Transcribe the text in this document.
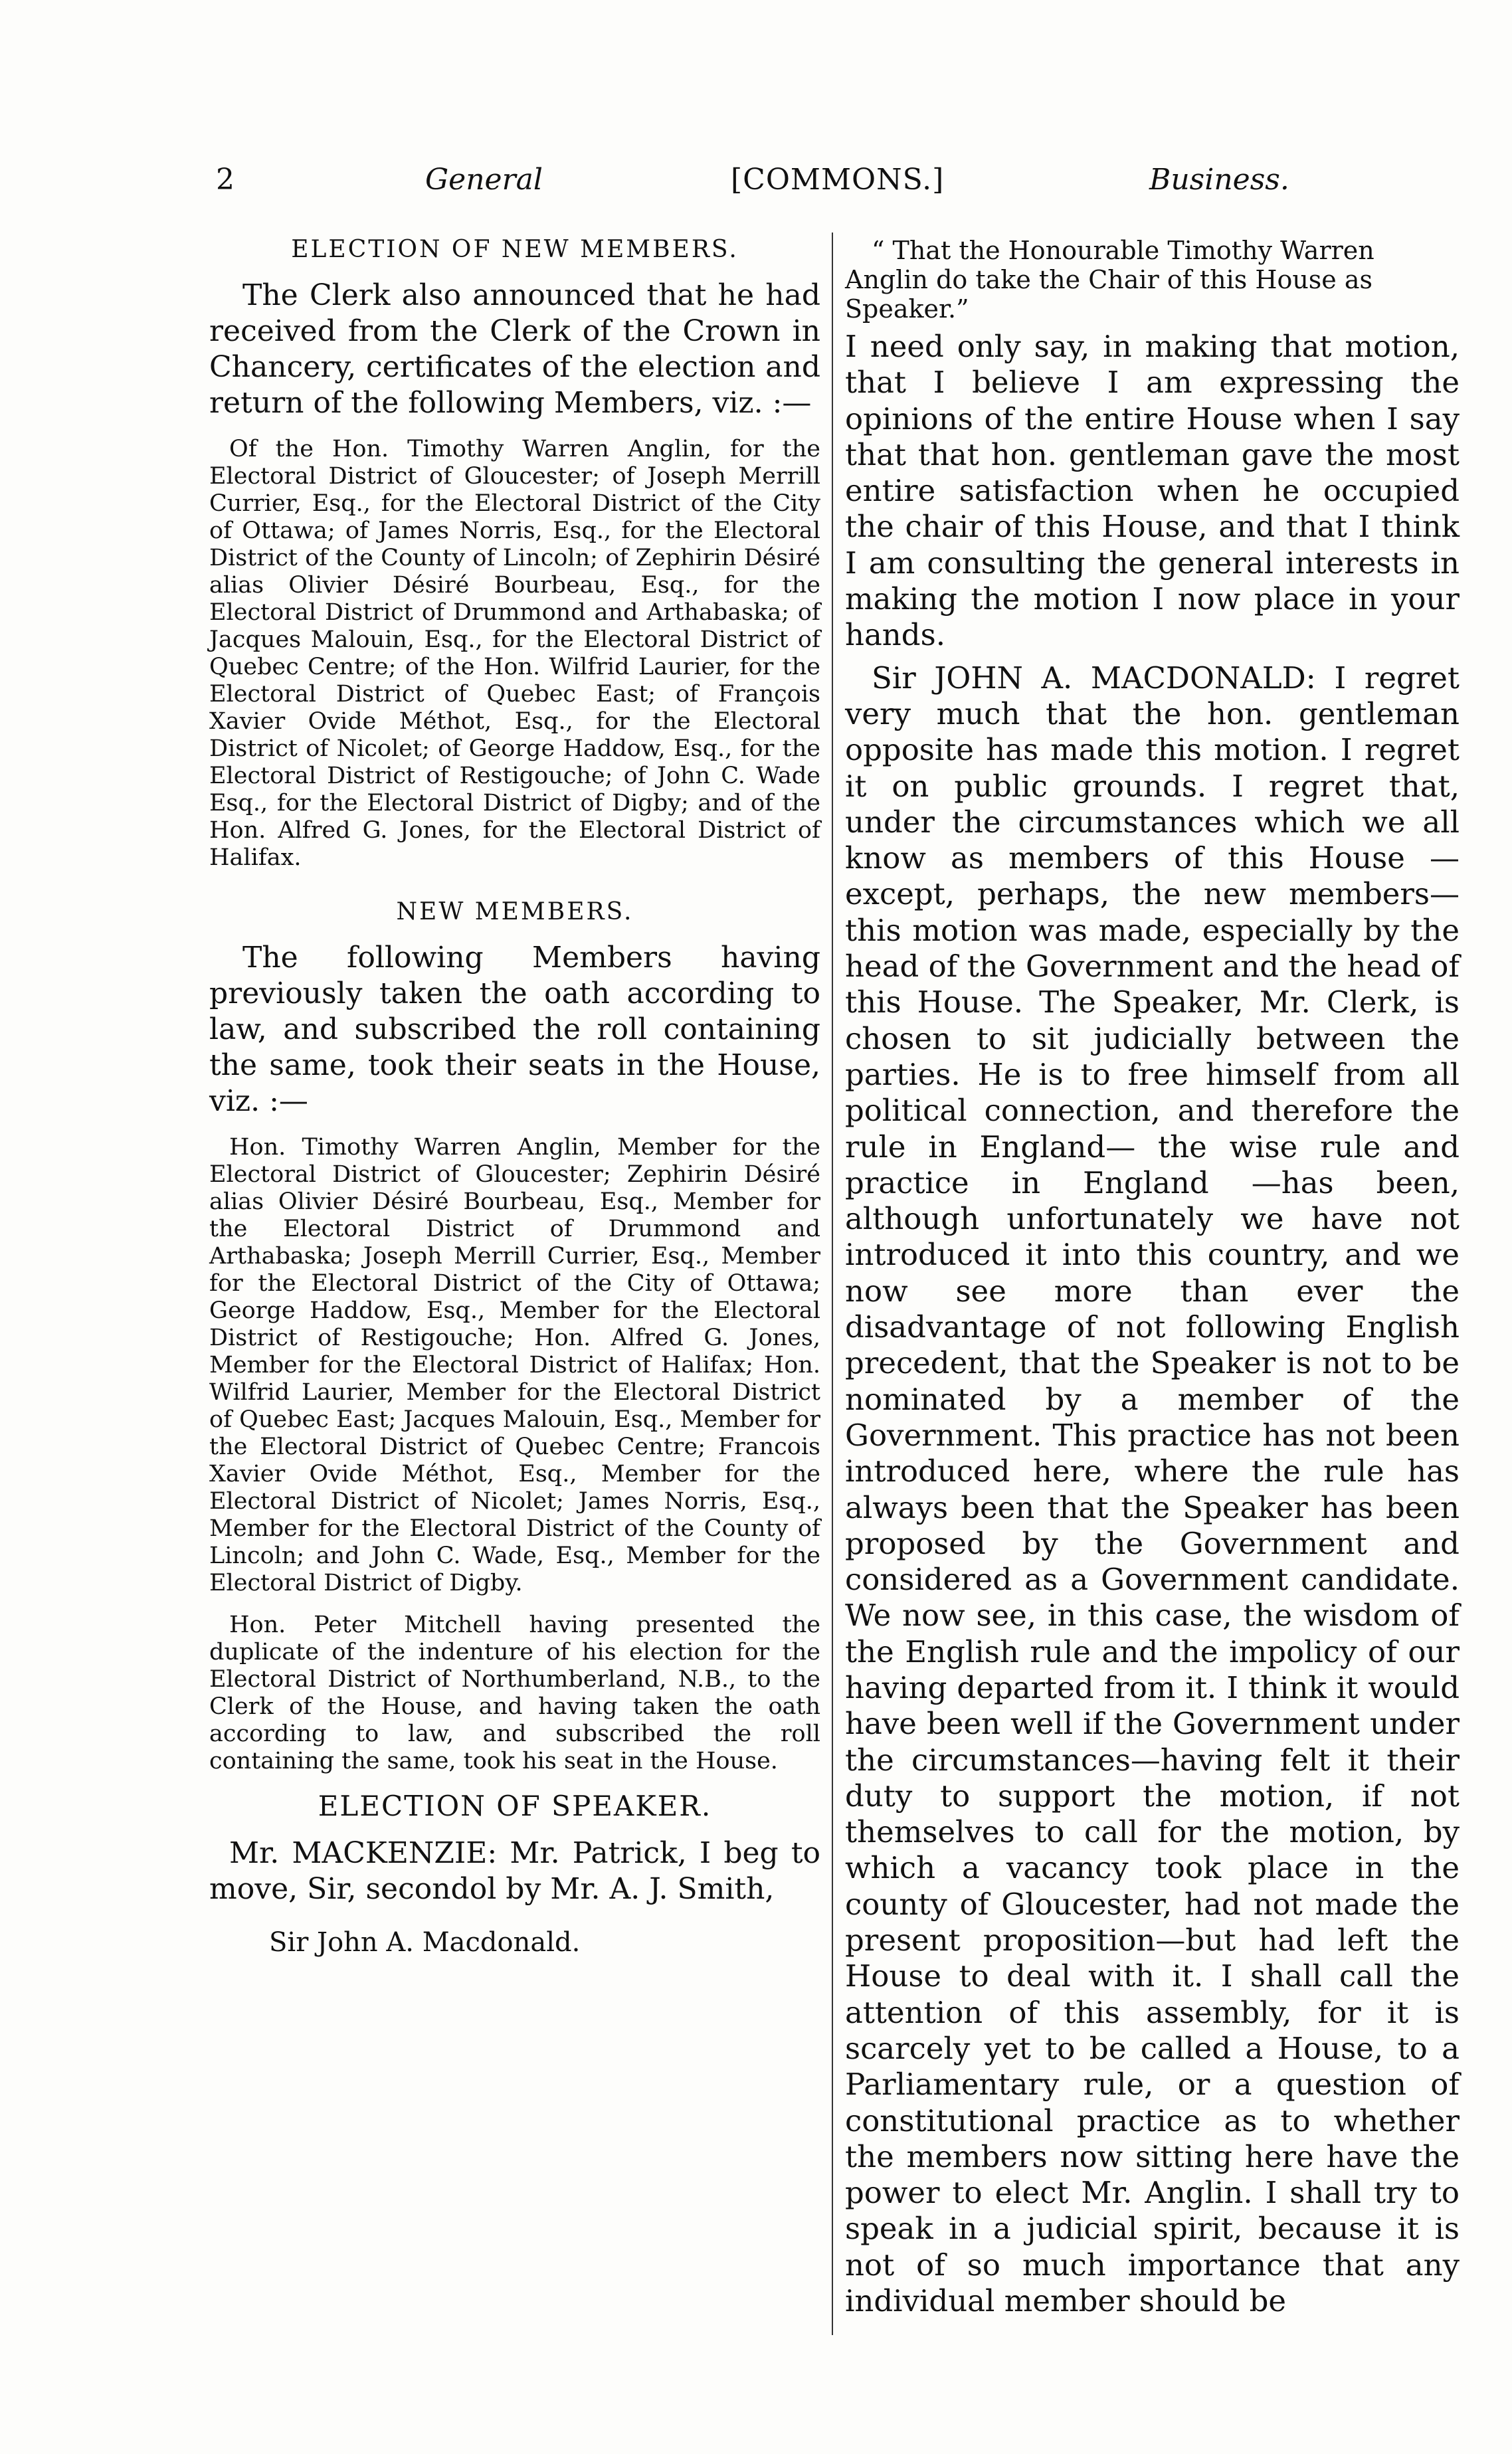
2	General	[COMMONS.]	Business.
ELECTION OF NEW MEMBERS.

The Clerk also announced that he had received from the Clerk of the Crown in Chancery, certificates of the election and return of the following Members, viz. :—

Of the Hon. Timothy Warren Anglin, for the Electoral District of Gloucester; of Joseph Merrill Currier, Esq., for the Electoral District of the City of Ottawa; of James Norris, Esq., for the Electoral District of the County of Lincoln; of Zephirin Désiré alias Olivier Désiré Bourbeau, Esq., for the Electoral District of Drummond and Arthabaska; of Jacques Malouin, Esq., for the Electoral District of Quebec Centre; of the Hon. Wilfrid Laurier, for the Electoral District of Quebec East; of François Xavier Ovide Méthot, Esq., for the Electoral District of Nicolet; of George Haddow, Esq., for the Electoral District of Restigouche; of John C. Wade Esq., for the Electoral District of Digby; and of the Hon. Alfred G. Jones, for the Electoral District of Halifax.

NEW MEMBERS.

The following Members having previously taken the oath according to law, and subscribed the roll containing the same, took their seats in the House, viz. :—

Hon. Timothy Warren Anglin, Member for the Electoral District of Gloucester; Zephirin Désiré alias Olivier Désiré Bourbeau, Esq., Member for the Electoral District of Drummond and Arthabaska; Joseph Merrill Currier, Esq., Member for the Electoral District of the City of Ottawa; George Haddow, Esq., Member for the Electoral District of Restigouche; Hon. Alfred G. Jones, Member for the Electoral District of Halifax; Hon. Wilfrid Laurier, Member for the Electoral District of Quebec East; Jacques Malouin, Esq., Member for the Electoral District of Quebec Centre; Francois Xavier Ovide Méthot, Esq., Member for the Electoral District of Nicolet; James Norris, Esq., Member for the Electoral District of the County of Lincoln; and John C. Wade, Esq., Member for the Electoral District of Digby.

Hon. Peter Mitchell having presented the duplicate of the indenture of his election for the Electoral District of Northumberland, N.B., to the Clerk of the House, and having taken the oath according to law, and subscribed the roll containing the same, took his seat in the House.

ELECTION OF SPEAKER.

Mr. MACKENZIE: Mr. Patrick, I beg to move, Sir, secondol by Mr. A. J. Smith,

Sir John A. Macdonald.

“ That the Honourable Timothy Warren Anglin do take the Chair of this House as Speaker.”

I need only say, in making that motion, that I believe I am expressing the opinions of the entire House when I say that that hon. gentleman gave the most entire satisfaction when he occupied the chair of this House, and that I think I am consulting the general interests in making the motion I now place in your hands.

Sir JOHN A. MACDONALD: I regret very much that the hon. gentleman opposite has made this motion. I regret it on public grounds. I regret that, under the circumstances which we all know as members of this House —except, perhaps, the new members— this motion was made, especially by the head of the Government and the head of this House. The Speaker, Mr. Clerk, is chosen to sit judicially between the parties. He is to free himself from all political connection, and therefore the rule in England— the wise rule and practice in England —has been, although unfortunately we have not introduced it into this country, and we now see more than ever the disadvantage of not following English precedent, that the Speaker is not to be nominated by a member of the Government. This practice has not been introduced here, where the rule has always been that the Speaker has been proposed by the Government and considered as a Government candidate. We now see, in this case, the wisdom of the English rule and the impolicy of our having departed from it. I think it would have been well if the Government under the circumstances—having felt it their duty to support the motion, if not themselves to call for the motion, by which a vacancy took place in the county of Gloucester, had not made the present proposition—but had left the House to deal with it. I shall call the attention of this assembly, for it is scarcely yet to be called a House, to a Parliamentary rule, or a question of constitutional practice as to whether the members now sitting here have the power to elect Mr. Anglin. I shall try to speak in a judicial spirit, because it is not of so much importance that any individual member should be
